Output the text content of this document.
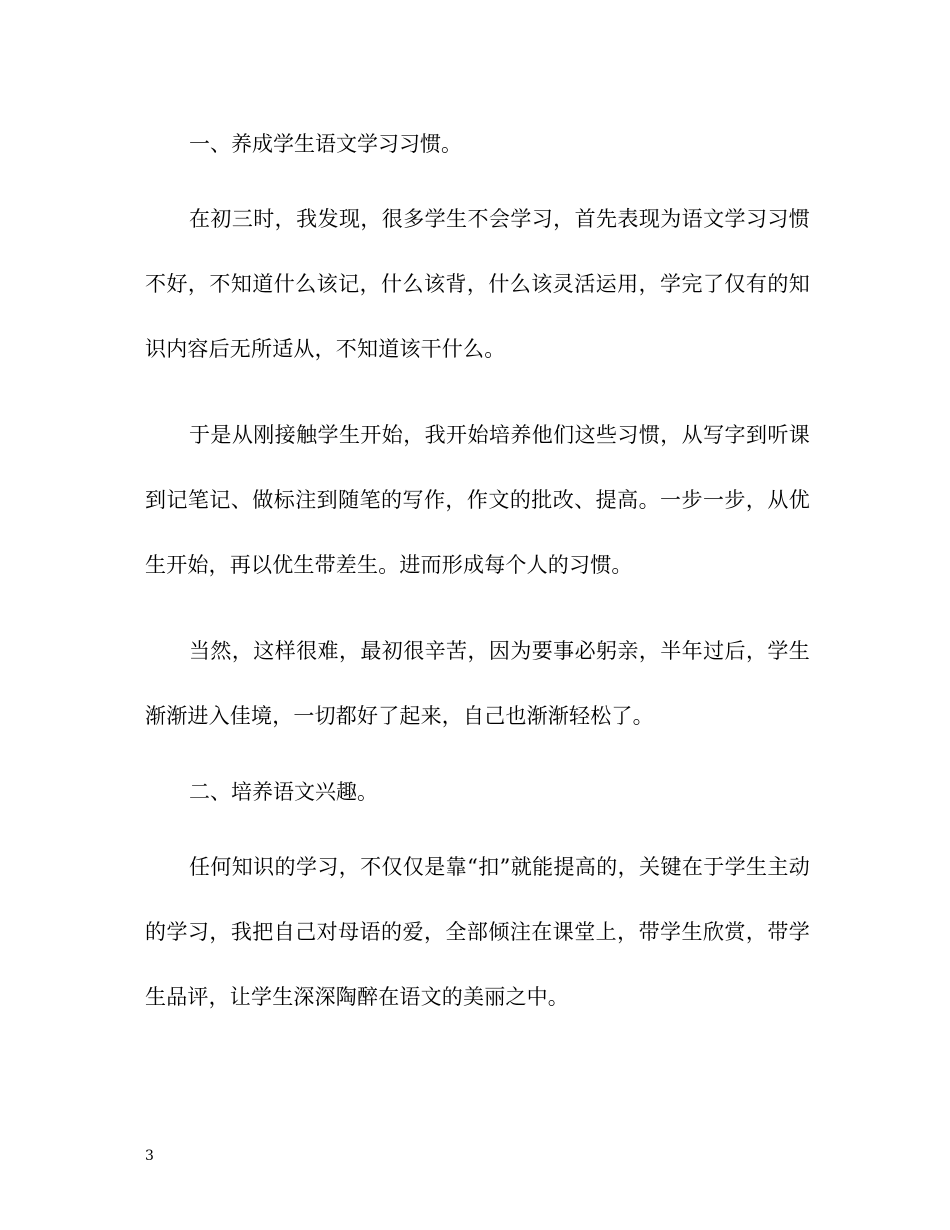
一、养成学生语文学习习惯。

在初三时，我发现，很多学生不会学习，首先表现为语文学习习惯不好，不知道什么该记，什么该背，什么该灵活运用，学完了仅有的知识内容后无所适从，不知道该干什么。

于是从刚接触学生开始，我开始培养他们这些习惯，从写字到听课到记笔记、做标注到随笔的写作，作文的批改、提高。一步一步，从优生开始，再以优生带差生。进而形成每个人的习惯。

当然，这样很难，最初很辛苦，因为要事必躬亲，半年过后，学生渐渐进入佳境，一切都好了起来，自己也渐渐轻松了。

二、培养语文兴趣。

任何知识的学习，不仅仅是靠“扣”就能提高的，关键在于学生主动的学习，我把自己对母语的爱，全部倾注在课堂上，带学生欣赏，带学生品评，让学生深深陶醉在语文的美丽之中。

3
